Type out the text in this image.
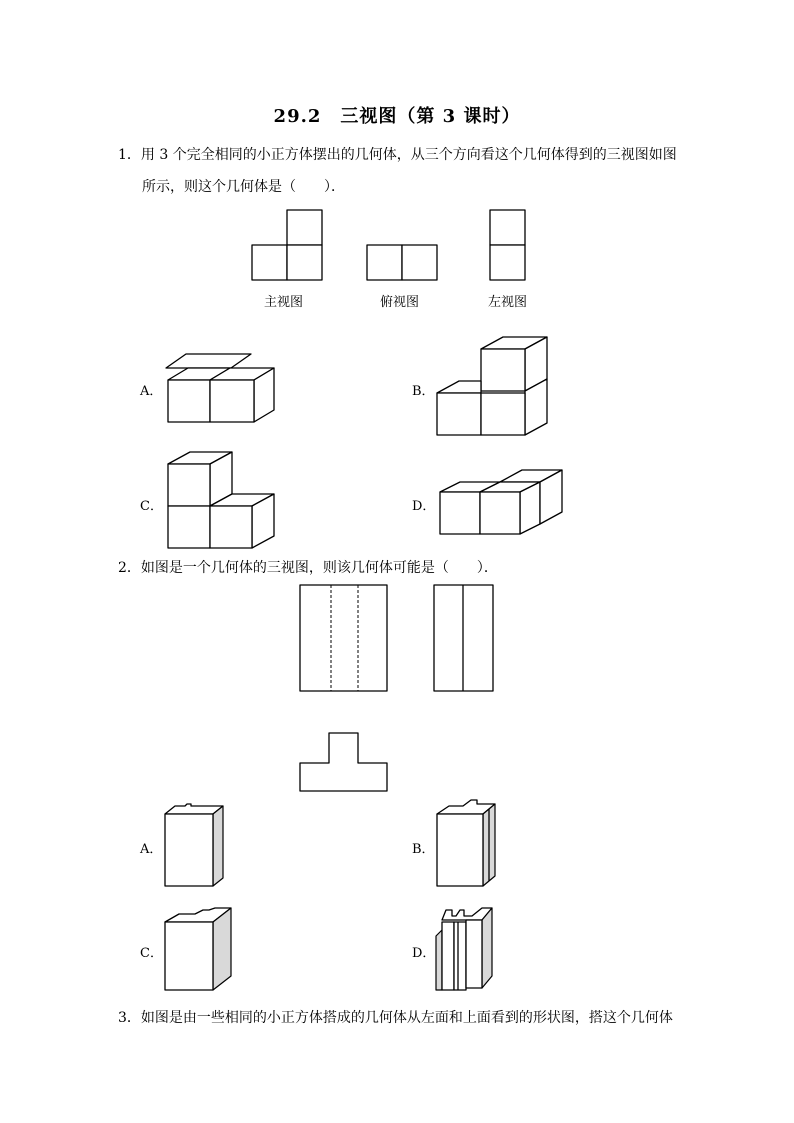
29.2　三视图（第 3 课时）
1．用 3 个完全相同的小正方体摆出的几何体，从三个方向看这个几何体得到的三视图如图
所示，则这个几何体是（　　）．
主视图	俯视图	左视图
A．	B．
C．	D．
2．如图是一个几何体的三视图，则该几何体可能是（　　）．
A．	B．
C．	D．
3．如图是由一些相同的小正方体搭成的几何体从左面和上面看到的形状图，搭这个几何体
